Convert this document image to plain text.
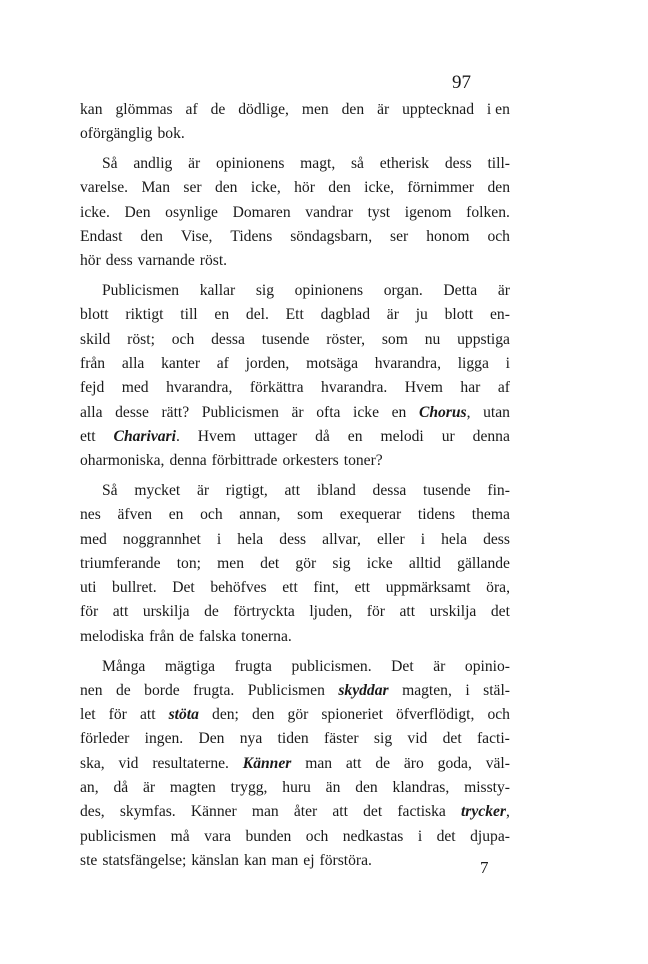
97
kan glömmas af de dödlige, men den är upptecknad i en
oförgänglig bok.
Så andlig är opinionens magt, så etherisk dess till-
varelse. Man ser den icke, hör den icke, förnimmer den
icke. Den osynlige Domaren vandrar tyst igenom folken.
Endast den Vise, Tidens söndagsbarn, ser honom och
hör dess varnande röst.
Publicismen kallar sig opinionens organ. Detta är
blott riktigt till en del. Ett dagblad är ju blott en-
skild röst; och dessa tusende röster, som nu uppstiga
från alla kanter af jorden, motsäga hvarandra, ligga i
fejd med hvarandra, förkättra hvarandra. Hvem har af
alla desse rätt? Publicismen är ofta icke en Chorus, utan
ett Charivari. Hvem uttager då en melodi ur denna
oharmoniska, denna förbittrade orkesters toner?
Så mycket är rigtigt, att ibland dessa tusende fin-
nes äfven en och annan, som exequerar tidens thema
med noggrannhet i hela dess allvar, eller i hela dess
triumferande ton; men det gör sig icke alltid gällande
uti bullret. Det behöfves ett fint, ett uppmärksamt öra,
för att urskilja de förtryckta ljuden, för att urskilja det
melodiska från de falska tonerna.
Många mägtiga frugta publicismen. Det är opinio-
nen de borde frugta. Publicismen skyddar magten, i stäl-
let för att stöta den; den gör spioneriet öfverflödigt, och
förleder ingen. Den nya tiden fäster sig vid det facti-
ska, vid resultaterne. Känner man att de äro goda, väl-
an, då är magten trygg, huru än den klandras, missty-
des, skymfas. Känner man åter att det factiska trycker,
publicismen må vara bunden och nedkastas i det djupa-
ste statsfängelse; känslan kan man ej förstöra.	7
